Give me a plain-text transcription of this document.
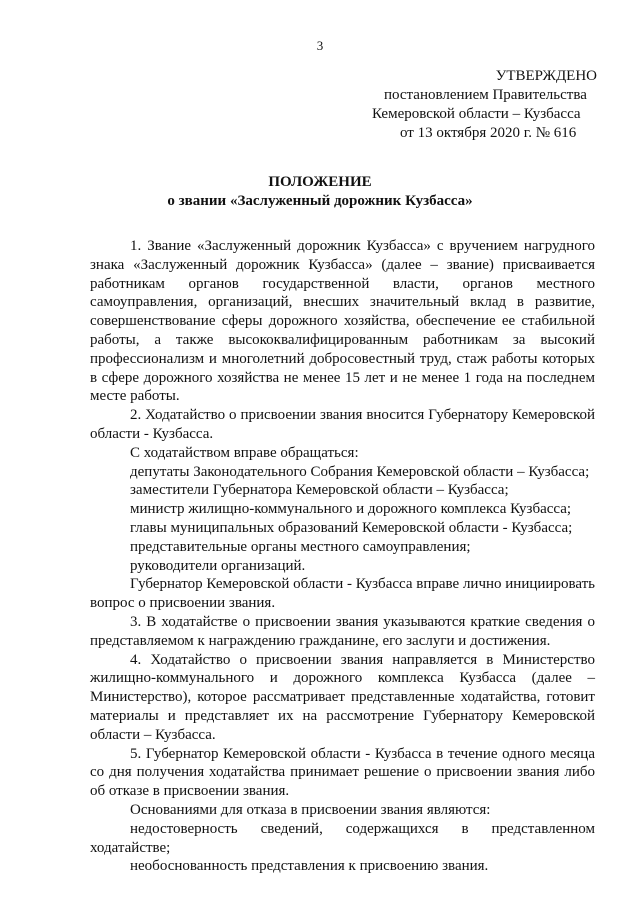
3
УТВЕРЖДЕНО
постановлением Правительства
Кемеровской области – Кузбасса
от 13 октября 2020 г. № 616
ПОЛОЖЕНИЕ
о звании «Заслуженный дорожник Кузбасса»

1. Звание «Заслуженный дорожник Кузбасса» с вручением нагрудного знака «Заслуженный дорожник Кузбасса» (далее – звание) присваивается работникам органов государственной власти, органов местного самоуправления, организаций, внесших значительный вклад в развитие, совершенствование сферы дорожного хозяйства, обеспечение ее стабильной работы, а также высококвалифицированным работникам за высокий профессионализм и многолетний добросовестный труд, стаж работы которых в сфере дорожного хозяйства не менее 15 лет и не менее 1 года на последнем месте работы.

2. Ходатайство о присвоении звания вносится Губернатору Кемеровской области - Кузбасса.

С ходатайством вправе обращаться:

депутаты Законодательного Собрания Кемеровской области – Кузбасса;

заместители Губернатора Кемеровской области – Кузбасса;

министр жилищно-коммунального и дорожного комплекса Кузбасса;

главы муниципальных образований Кемеровской области - Кузбасса;

представительные органы местного самоуправления;

руководители организаций.

Губернатор Кемеровской области - Кузбасса вправе лично инициировать вопрос о присвоении звания.

3. В ходатайстве о присвоении звания указываются краткие сведения о представляемом к награждению гражданине, его заслуги и достижения.

4. Ходатайство о присвоении звания направляется в Министерство жилищно-коммунального и дорожного комплекса Кузбасса (далее – Министерство), которое рассматривает представленные ходатайства, готовит материалы и представляет их на рассмотрение Губернатору Кемеровской области – Кузбасса.

5. Губернатор Кемеровской области - Кузбасса в течение одного месяца со дня получения ходатайства принимает решение о присвоении звания либо об отказе в присвоении звания.

Основаниями для отказа в присвоении звания являются:

недостоверность сведений, содержащихся в представленном ходатайстве;

необоснованность представления к присвоению звания.
